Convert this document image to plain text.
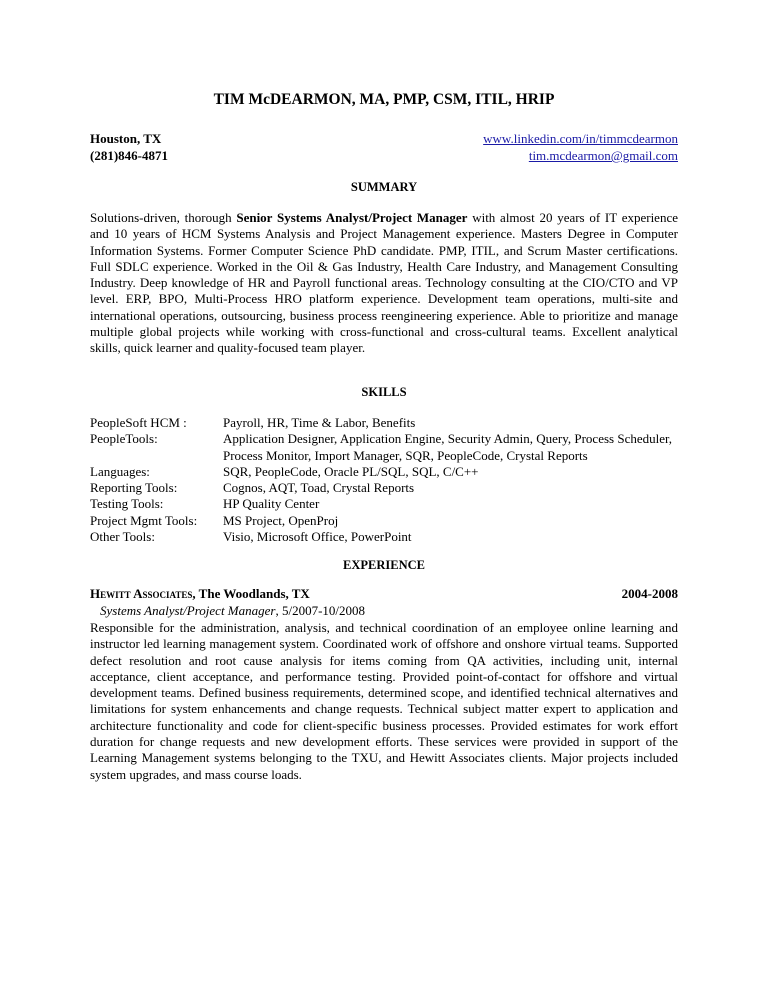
TIM McDEARMON, MA, PMP, CSM, ITIL, HRIP
Houston, TX	www.linkedin.com/in/timmcdearmon
(281)846-4871	tim.mcdearmon@gmail.com
SUMMARY
Solutions-driven, thorough Senior Systems Analyst/Project Manager with almost 20 years of IT experience and 10 years of HCM Systems Analysis and Project Management experience. Masters Degree in Computer Information Systems. Former Computer Science PhD candidate. PMP, ITIL, and Scrum Master certifications. Full SDLC experience. Worked in the Oil & Gas Industry, Health Care Industry, and Management Consulting Industry. Deep knowledge of HR and Payroll functional areas. Technology consulting at the CIO/CTO and VP level. ERP, BPO, Multi-Process HRO platform experience. Development team operations, multi-site and international operations, outsourcing, business process reengineering experience. Able to prioritize and manage multiple global projects while working with cross-functional and cross-cultural teams. Excellent analytical skills, quick learner and quality-focused team player.
SKILLS
PeopleSoft HCM :	Payroll, HR, Time & Labor, Benefits
PeopleTools:	Application Designer, Application Engine, Security Admin, Query, Process Scheduler, Process Monitor, Import Manager, SQR, PeopleCode, Crystal Reports
Languages:	SQR, PeopleCode, Oracle PL/SQL, SQL, C/C++
Reporting Tools:	Cognos, AQT, Toad, Crystal Reports
Testing Tools:	HP Quality Center
Project Mgmt Tools:	MS Project, OpenProj
Other Tools:	Visio, Microsoft Office, PowerPoint
EXPERIENCE
Hewitt Associates, The Woodlands, TX	2004-2008
Systems Analyst/Project Manager, 5/2007-10/2008
Responsible for the administration, analysis, and technical coordination of an employee online learning and instructor led learning management system. Coordinated work of offshore and onshore virtual teams. Supported defect resolution and root cause analysis for items coming from QA activities, including unit, internal acceptance, client acceptance, and performance testing. Provided point-of-contact for offshore and virtual development teams. Defined business requirements, determined scope, and identified technical alternatives and limitations for system enhancements and change requests. Technical subject matter expert to application and architecture functionality and code for client-specific business processes. Provided estimates for work effort duration for change requests and new development efforts. These services were provided in support of the Learning Management systems belonging to the TXU, and Hewitt Associates clients. Major projects included system upgrades, and mass course loads.
